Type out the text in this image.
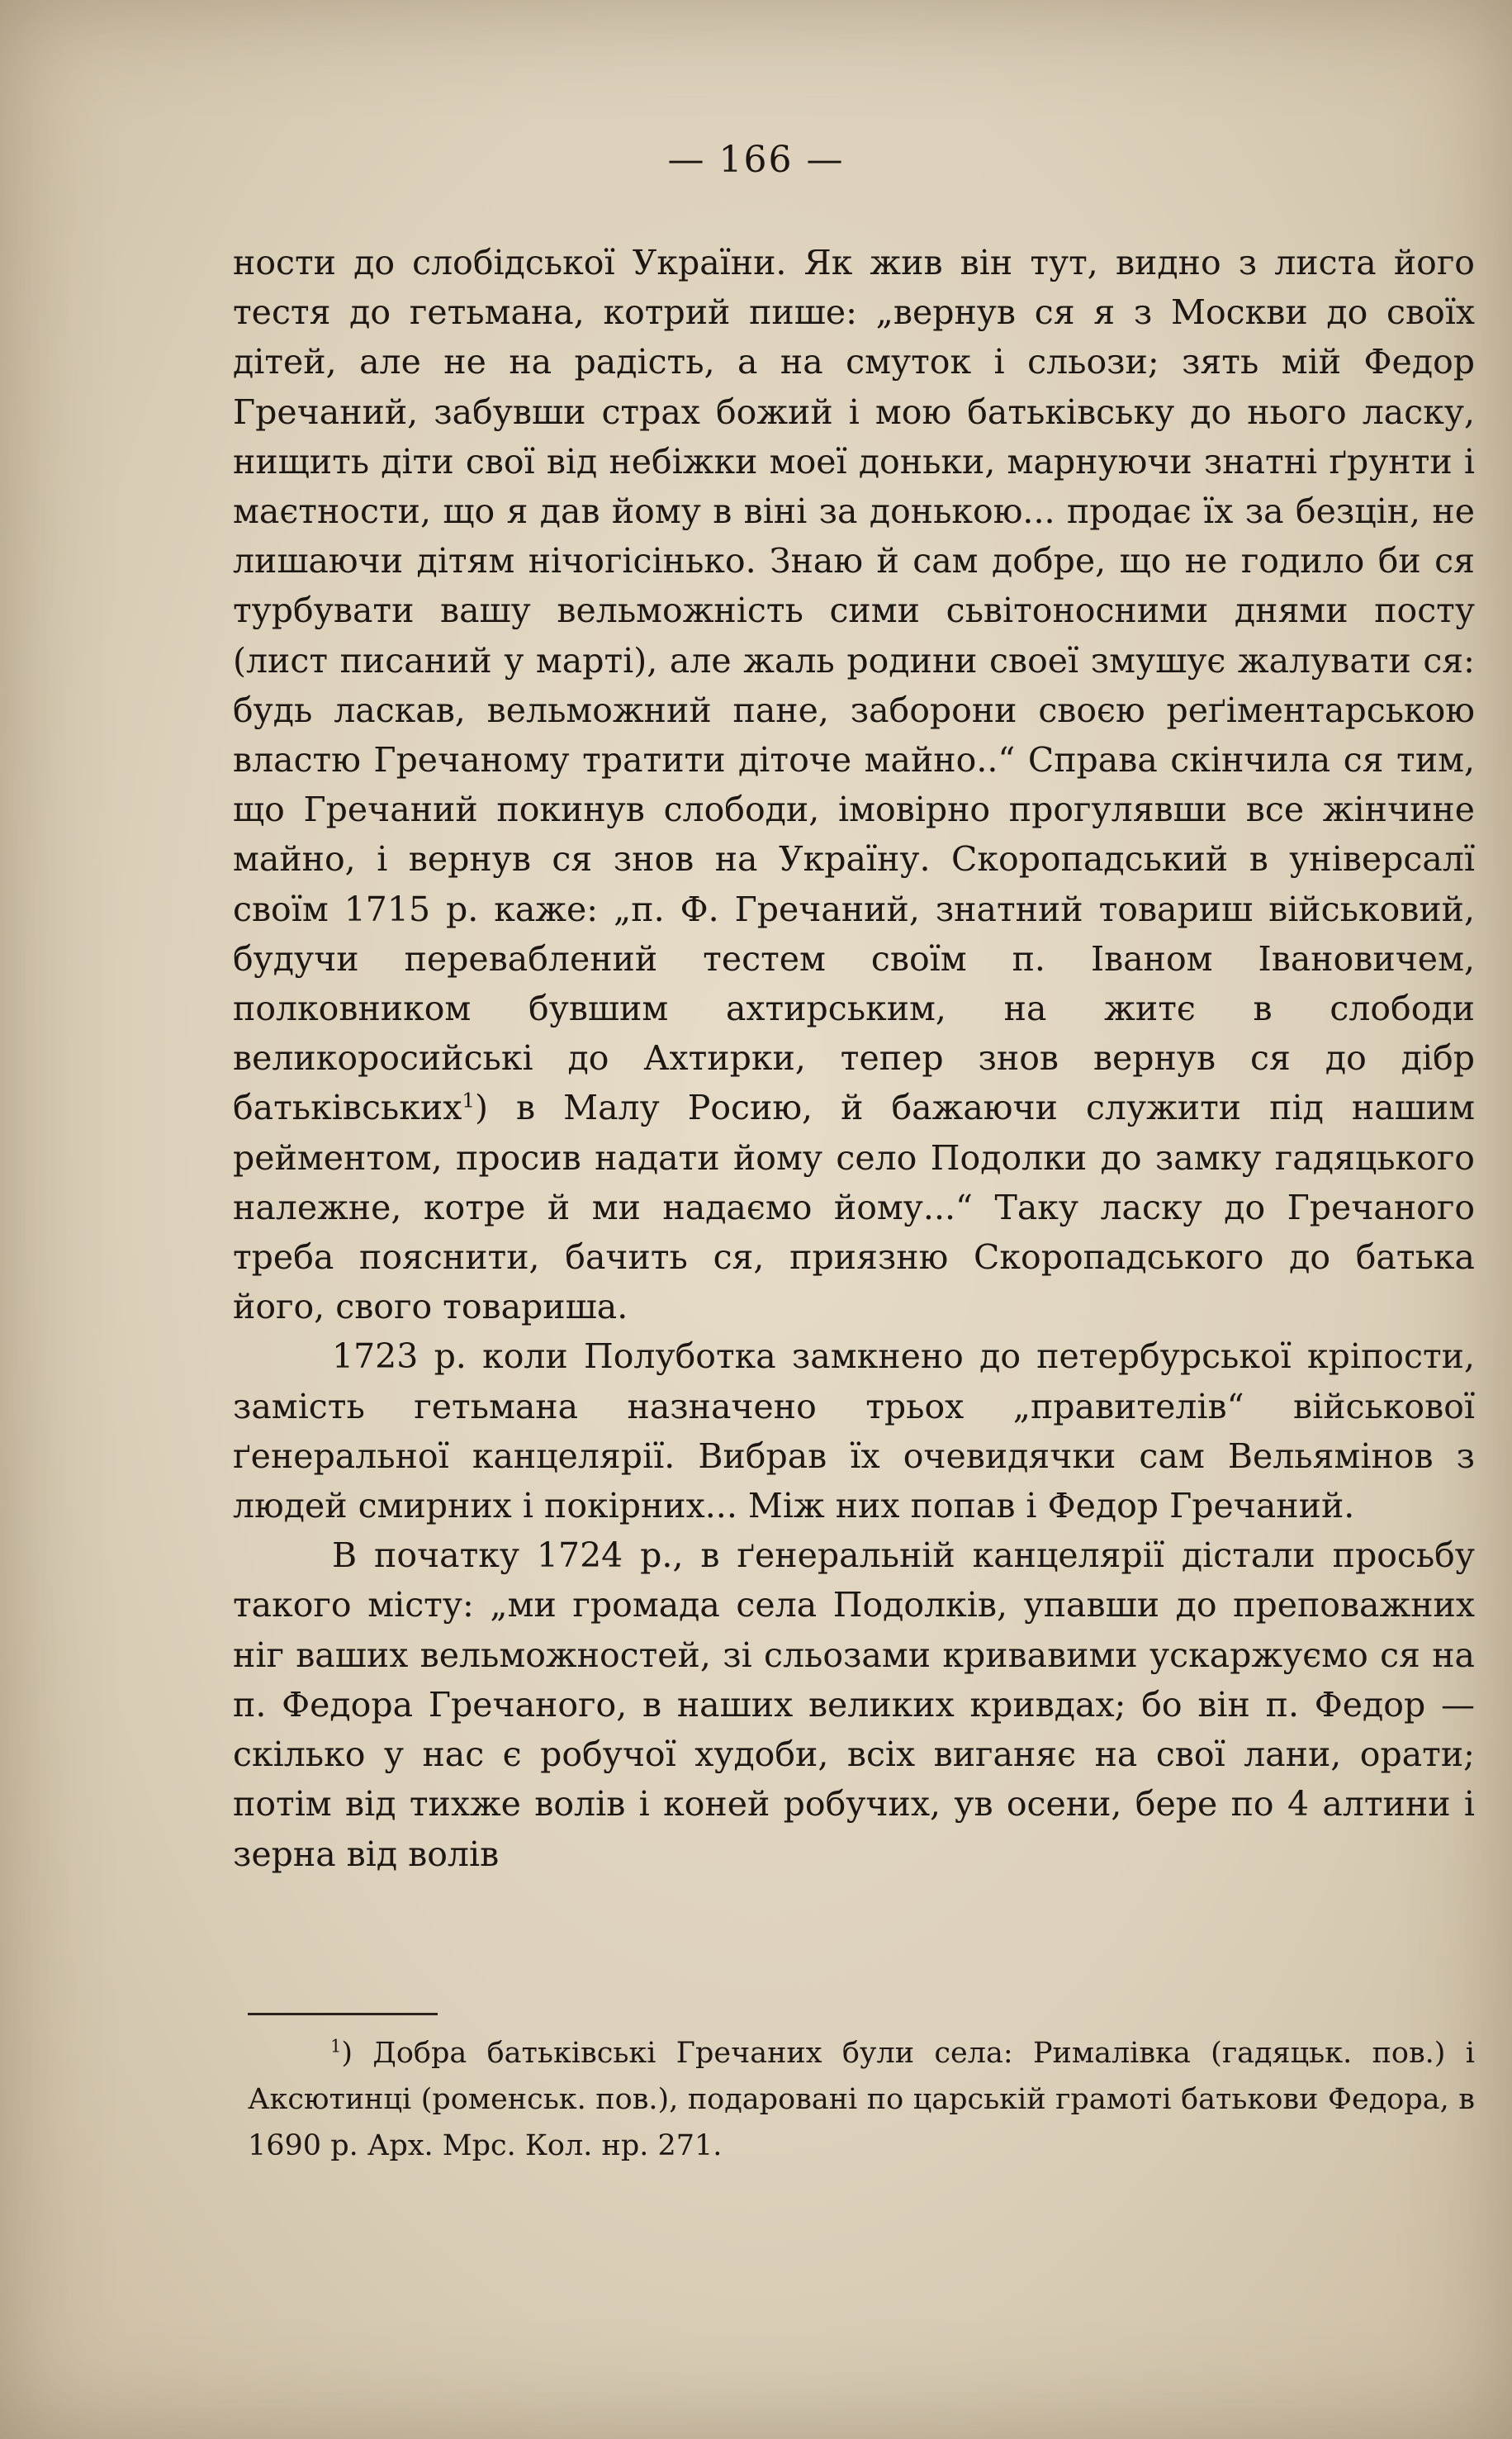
— 166 —

ности до слобідської України. Як жив він тут, видно з листа його тестя до гетьмана, котрий пише: „вернув ся я з Москви до своїх дітей, але не на радість, а на смуток і сльози; зять мій Федор Гречаний, забувши страх божий і мою батьківську до нього ласку, нищить діти свої від небіжки моеї доньки, марнуючи знатні ґрунти і маєтности, що я дав йому в віні за донькою... продає їх за безцін, не лишаючи дітям нічогісінько. Знаю й сам добре, що не годило би ся турбувати вашу вельможність сими сьвітоносними днями посту (лист писаний у марті), але жаль родини своеї змушує жалувати ся: будь ласкав, вельможний пане, заборони своєю реґіментарською властю Гречаному тратити діточе майно..“ Справа скінчила ся тим, що Гречаний покинув слободи, імовірно прогулявши все жінчине майно, і вернув ся знов на Україну. Скоропадський в універсалї своїм 1715 р. каже: „п. Ф. Гречаний, знатний товариш військовий, будучи переваблений тестем своїм п. Іваном Івановичем, полковником бувшим ахтирським, на житє в слободи великоросийські до Ахтирки, тепер знов вернув ся до дібр батьківських$^1$) в Малу Росию, й бажаючи служити під нашим рейментом, просив надати йому село Подолки до замку гадяцького належне, котре й ми надаємо йому...“ Таку ласку до Гречаного треба пояснити, бачить ся, приязню Скоропадського до батька його, свого товариша.

1723 р. коли Полуботка замкнено до петербурської кріпости, замість гетьмана назначено трьох „правителів“ військової ґенеральної канцелярії. Вибрав їх очевидячки сам Вельямінов з людей смирних і покірних... Між них попав і Федор Гречаний.

В початку 1724 р., в ґенеральній канцелярії дістали просьбу такого місту: „ми громада села Подолків, упавши до преповажних ніг ваших вельможностей, зі сльозами кривавими ускаржуємо ся на п. Федора Гречаного, в наших великих кривдах; бо він п. Федор — скілько у нас є робучої худоби, всіх виганяє на свої лани, орати; потім від тихже волів і коней робучих, ув осени, бере по 4 алтини і зерна від волів

$^1$) Добра батьківські Гречаних були села: Рималівка (гадяцьк. пов.) і Аксютинці (роменськ. пов.), подаровані по царській грамоті батькови Федора, в 1690 р. Арх. Мрс. Кол. нр. 271.
